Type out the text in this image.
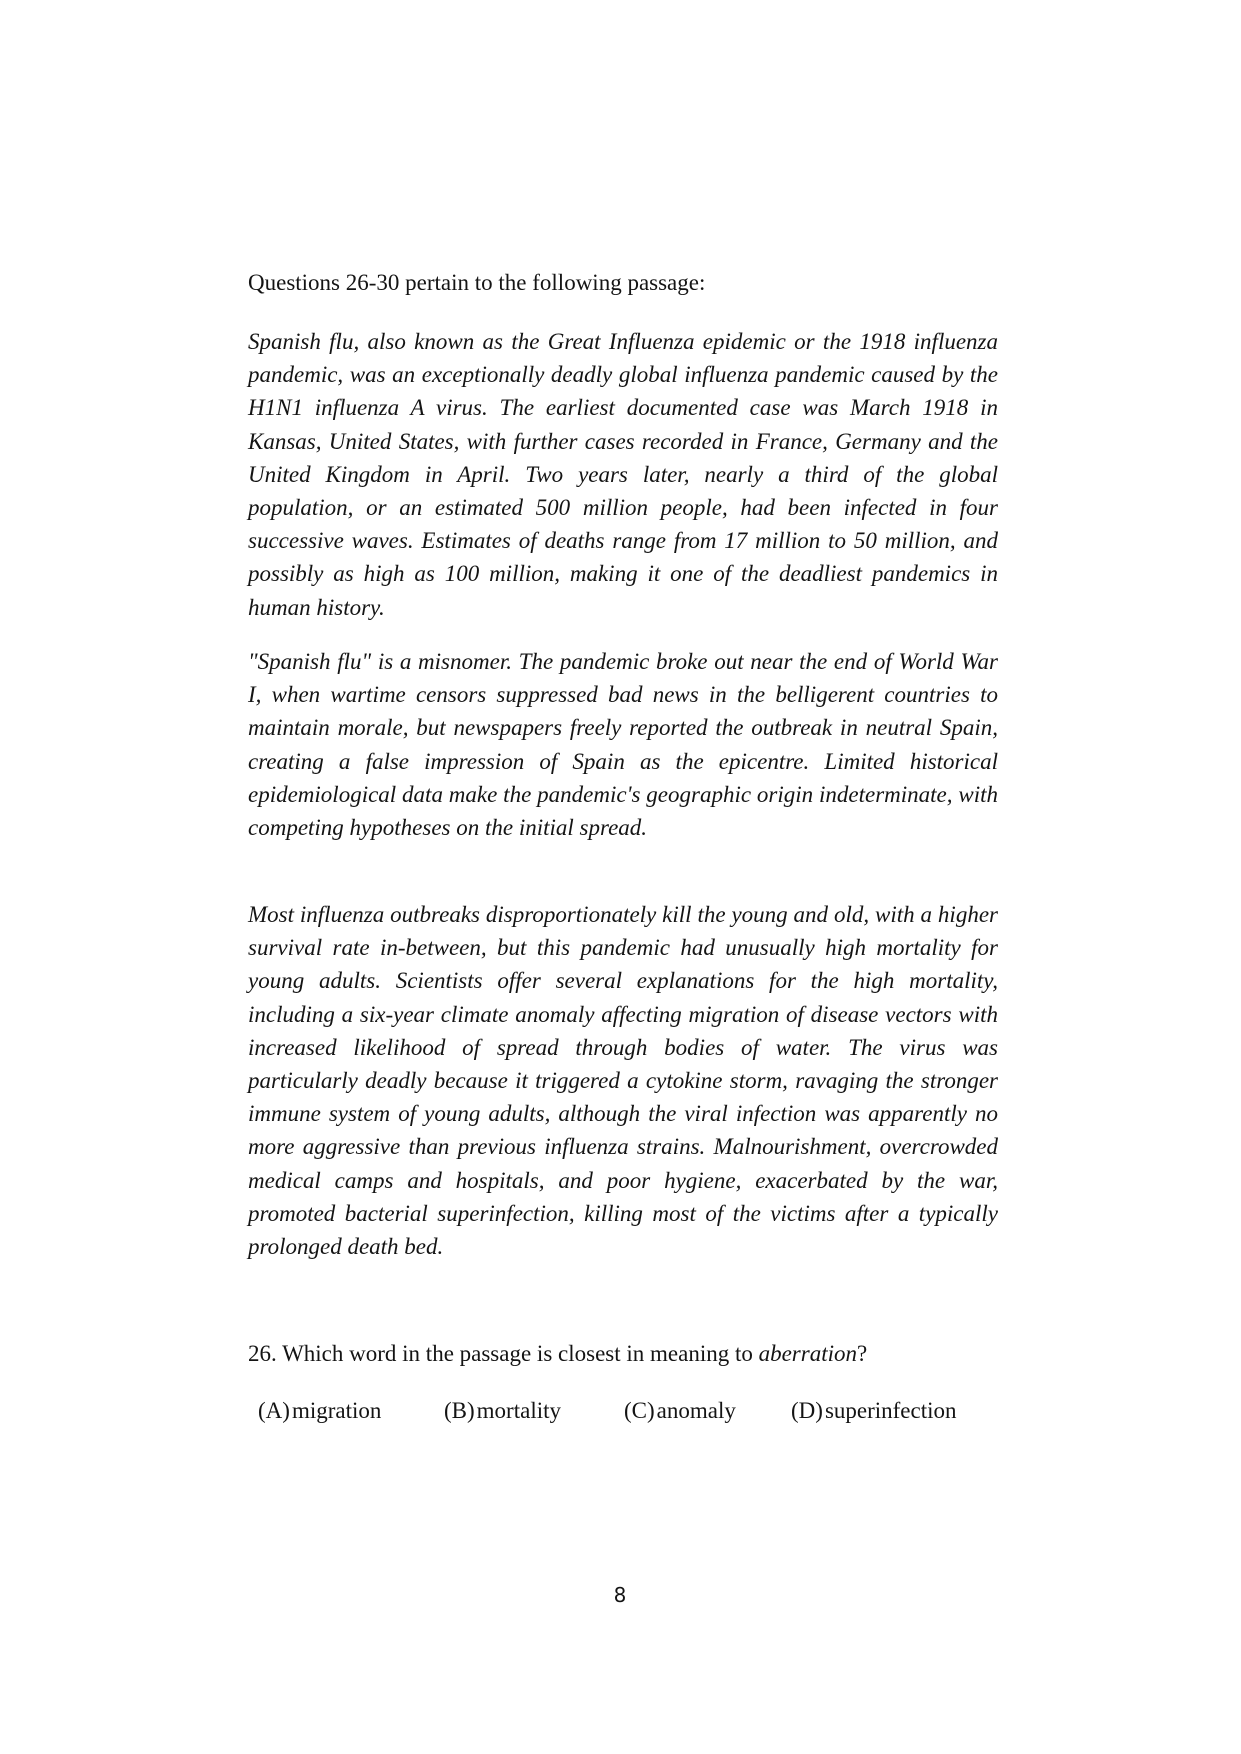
Questions 26-30 pertain to the following passage:

Spanish flu, also known as the Great Influenza epidemic or the 1918 influenza pandemic, was an exceptionally deadly global influenza pandemic caused by the H1N1 influenza A virus. The earliest documented case was March 1918 in Kansas, United States, with further cases recorded in France, Germany and the United Kingdom in April. Two years later, nearly a third of the global population, or an estimated 500 million people, had been infected in four successive waves. Estimates of deaths range from 17 million to 50 million, and possibly as high as 100 million, making it one of the deadliest pandemics in human history.

"Spanish flu" is a misnomer. The pandemic broke out near the end of World War I, when wartime censors suppressed bad news in the belligerent countries to maintain morale, but newspapers freely reported the outbreak in neutral Spain, creating a false impression of Spain as the epicentre. Limited historical epidemiological data make the pandemic's geographic origin indeterminate, with competing hypotheses on the initial spread.

Most influenza outbreaks disproportionately kill the young and old, with a higher survival rate in-between, but this pandemic had unusually high mortality for young adults. Scientists offer several explanations for the high mortality, including a six-year climate anomaly affecting migration of disease vectors with increased likelihood of spread through bodies of water. The virus was particularly deadly because it triggered a cytokine storm, ravaging the stronger immune system of young adults, although the viral infection was apparently no more aggressive than previous influenza strains. Malnourishment, overcrowded medical camps and hospitals, and poor hygiene, exacerbated by the war, promoted bacterial superinfection, killing most of the victims after a typically prolonged death bed.

26. Which word in the passage is closest in meaning to aberration?

(A)migration	(B)mortality	(C)anomaly (D)superinfection
8
